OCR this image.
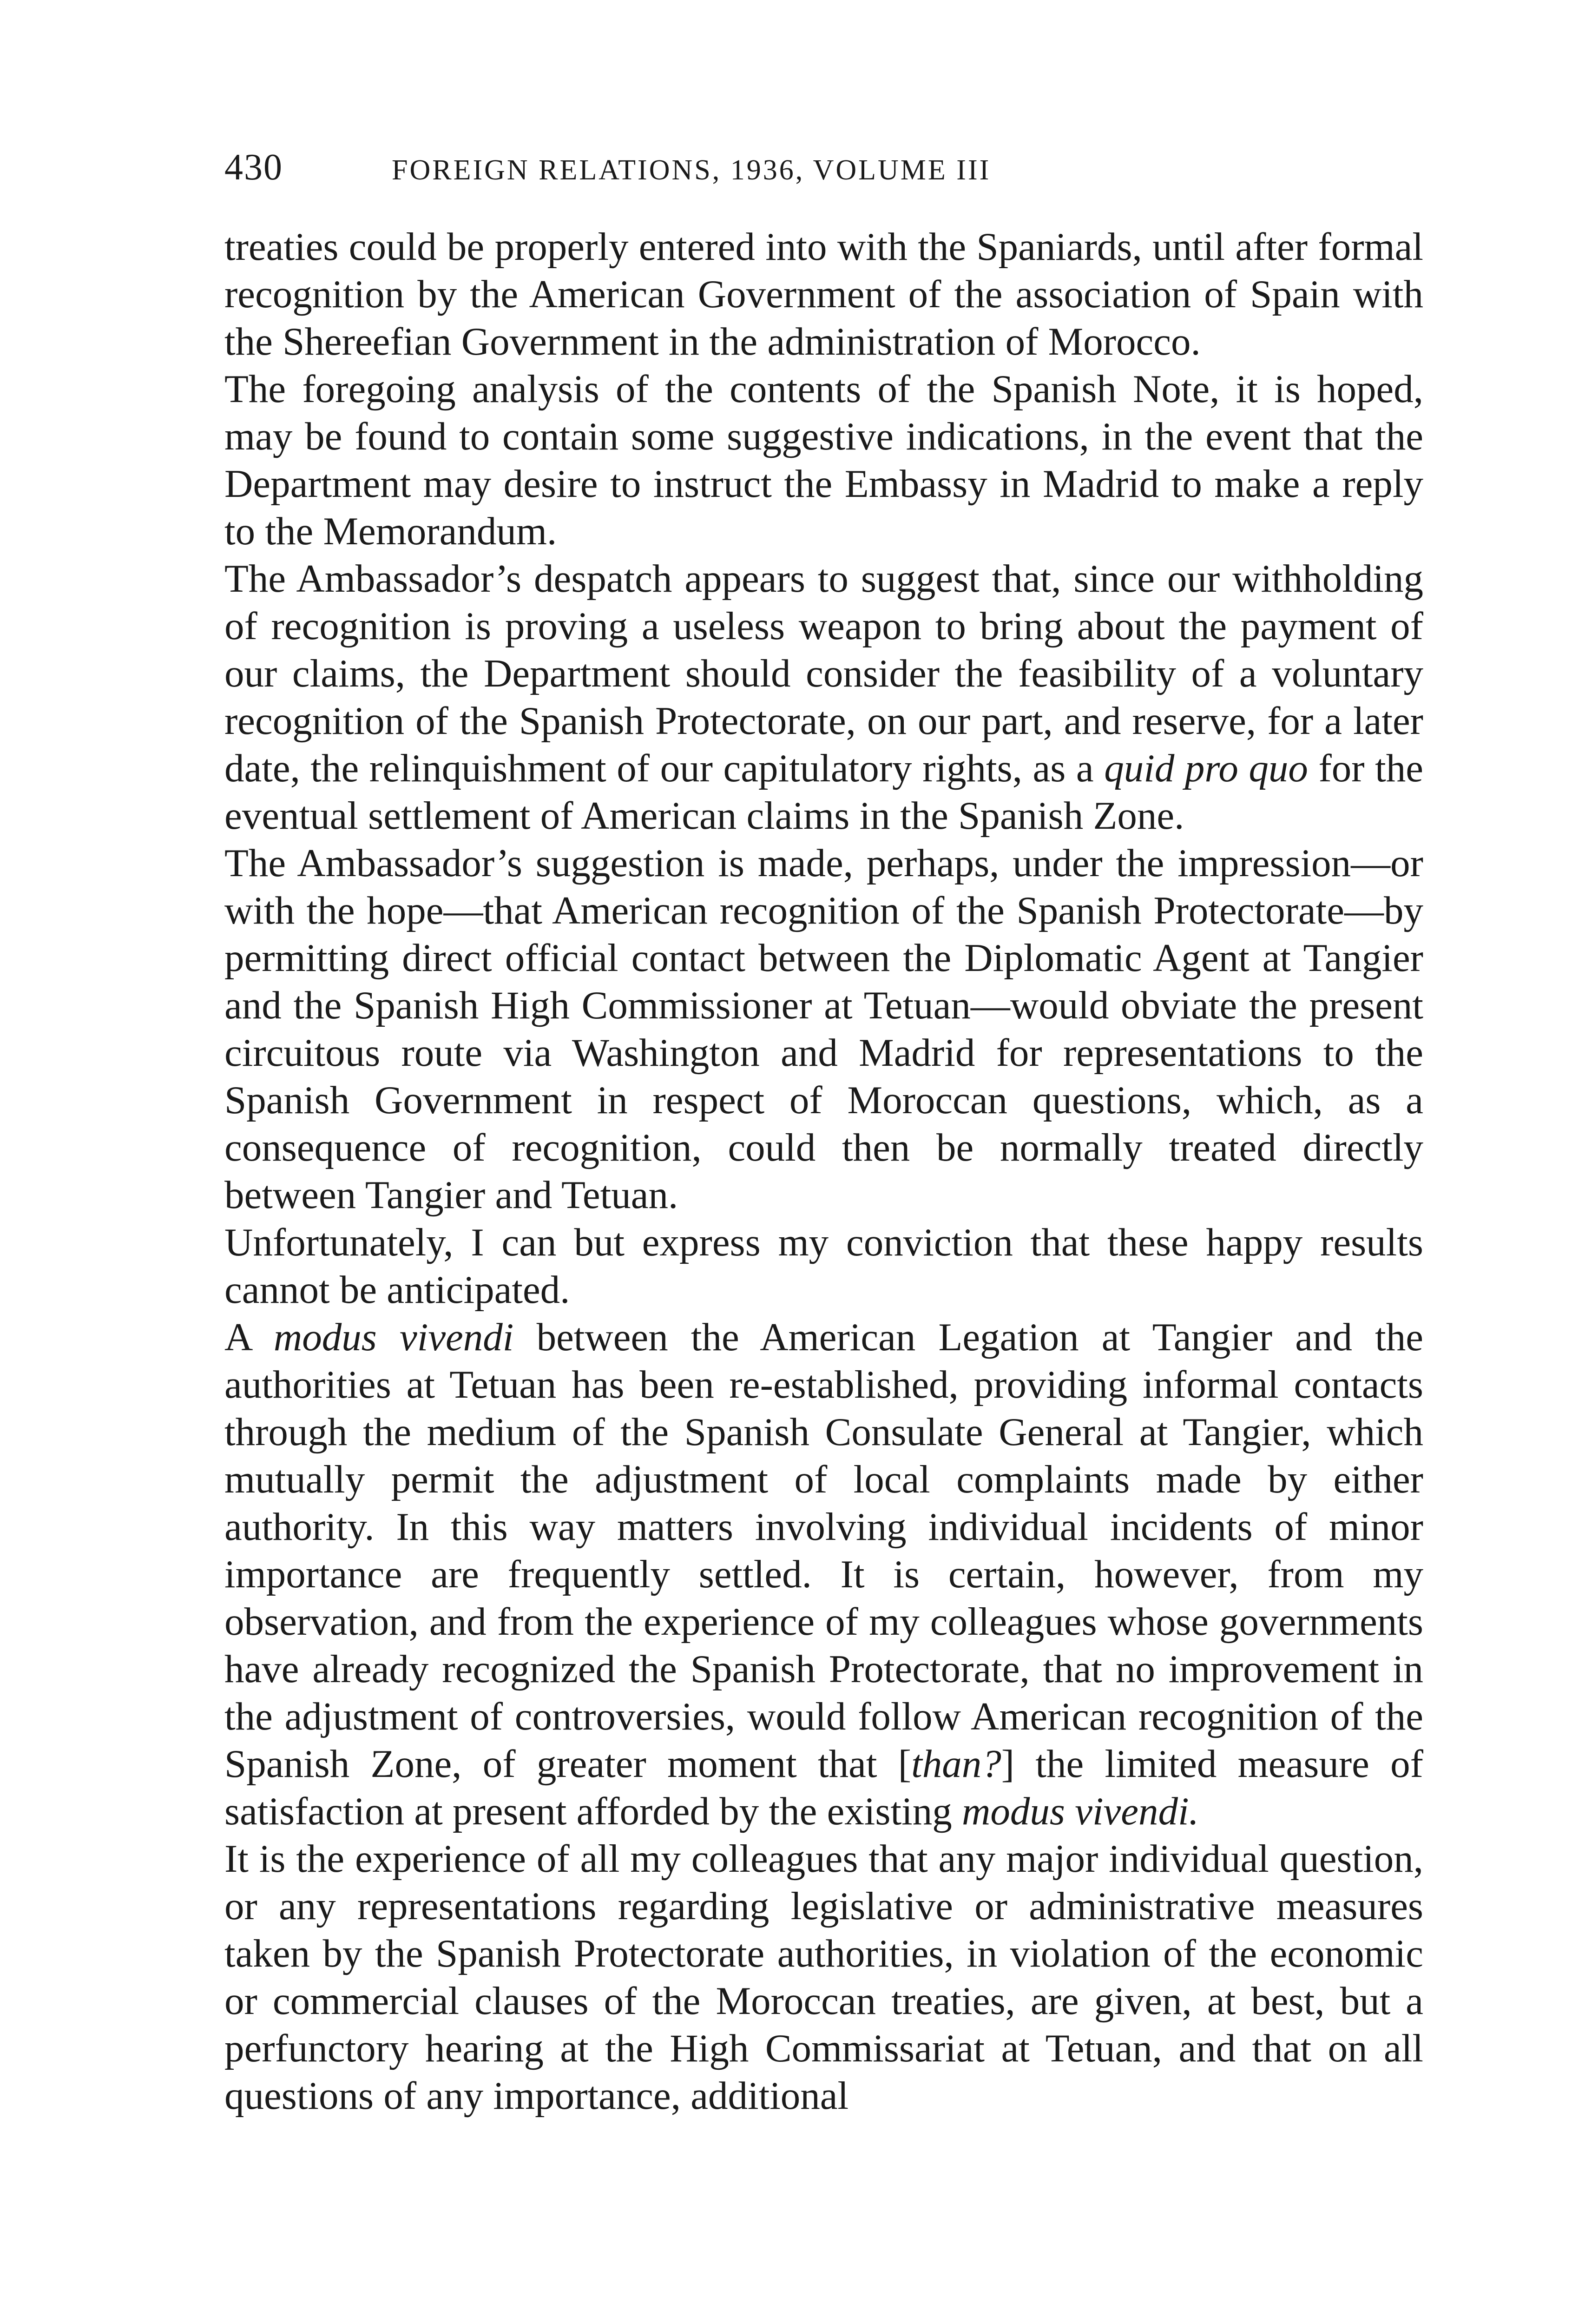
430	FOREIGN RELATIONS, 1936, VOLUME III

treaties could be properly entered into with the Spaniards, until after formal recognition by the American Government of the association of Spain with the Shereefian Government in the administration of Morocco.

The foregoing analysis of the contents of the Spanish Note, it is hoped, may be found to contain some suggestive indications, in the event that the Department may desire to instruct the Embassy in Madrid to make a reply to the Memorandum.

The Ambassador’s despatch appears to suggest that, since our withholding of recognition is proving a useless weapon to bring about the payment of our claims, the Department should consider the feasibility of a voluntary recognition of the Spanish Protectorate, on our part, and reserve, for a later date, the relinquishment of our capitulatory rights, as a quid pro quo for the eventual settlement of American claims in the Spanish Zone.

The Ambassador’s suggestion is made, perhaps, under the impression—or with the hope—that American recognition of the Spanish Protectorate—by permitting direct official contact between the Diplomatic Agent at Tangier and the Spanish High Commissioner at Tetuan—would obviate the present circuitous route via Washington and Madrid for representations to the Spanish Government in respect of Moroccan questions, which, as a consequence of recognition, could then be normally treated directly between Tangier and Tetuan.

Unfortunately, I can but express my conviction that these happy results cannot be anticipated.

A modus vivendi between the American Legation at Tangier and the authorities at Tetuan has been re-established, providing informal contacts through the medium of the Spanish Consulate General at Tangier, which mutually permit the adjustment of local complaints made by either authority. In this way matters involving individual incidents of minor importance are frequently settled. It is certain, however, from my observation, and from the experience of my colleagues whose governments have already recognized the Spanish Protectorate, that no improvement in the adjustment of controversies, would follow American recognition of the Spanish Zone, of greater moment that [than?] the limited measure of satisfaction at present afforded by the existing modus vivendi.

It is the experience of all my colleagues that any major individual question, or any representations regarding legislative or administrative measures taken by the Spanish Protectorate authorities, in violation of the economic or commercial clauses of the Moroccan treaties, are given, at best, but a perfunctory hearing at the High Commissariat at Tetuan, and that on all questions of any importance, additional
